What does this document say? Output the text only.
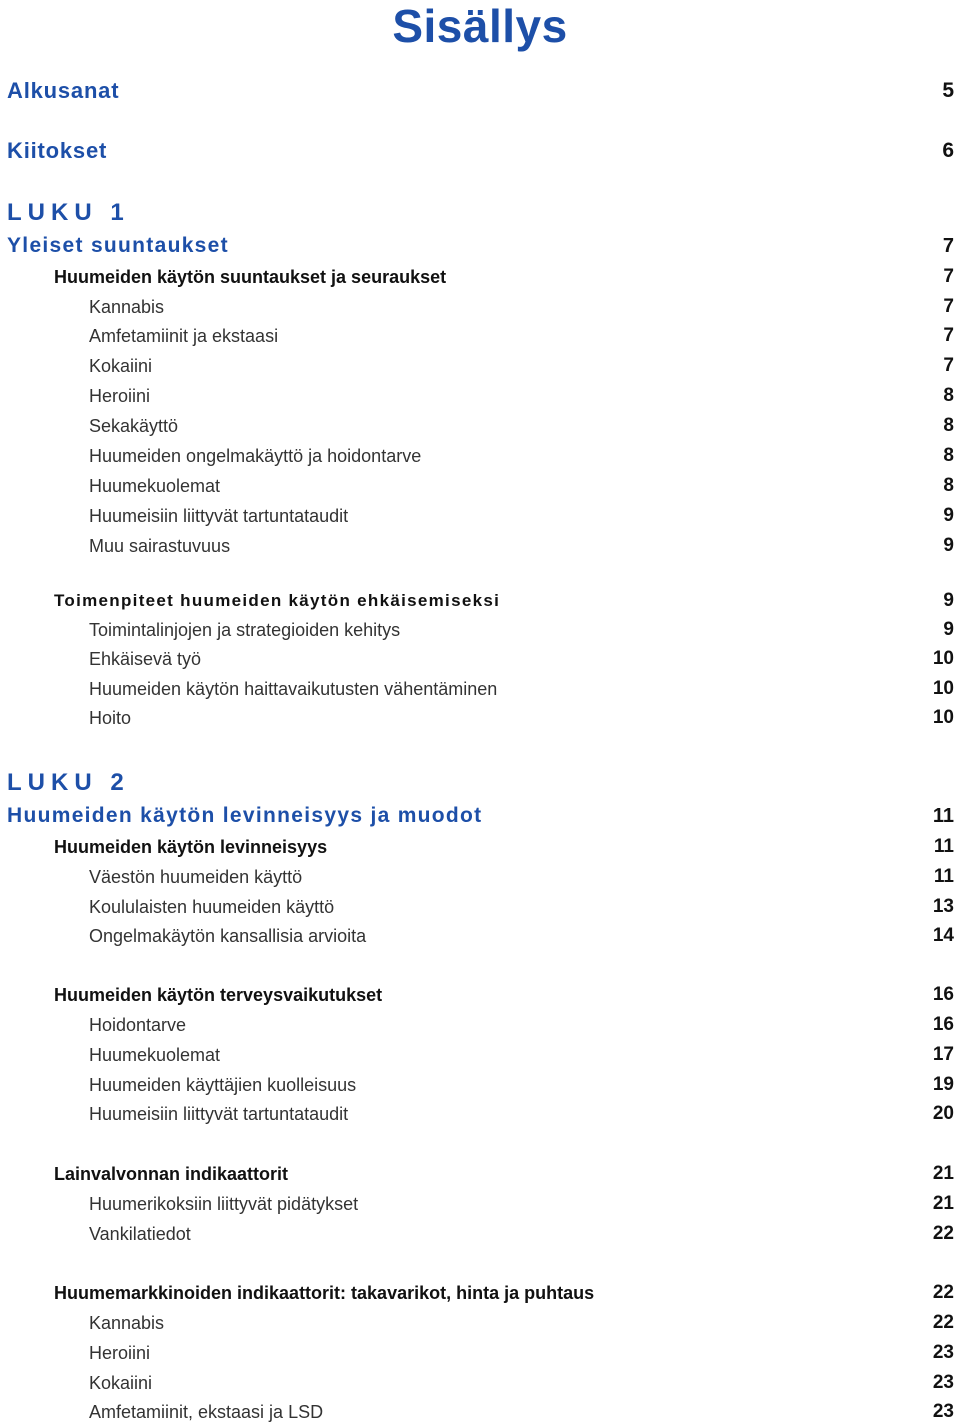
Sisällys
Alkusanat	5
Kiitokset	6
LUKU 1
Yleiset suuntaukset	7
Huumeiden käytön suuntaukset ja seuraukset	7
Kannabis	7
Amfetamiinit ja ekstaasi	7
Kokaiini	7
Heroiini	8
Sekakäyttö	8
Huumeiden ongelmakäyttö ja hoidontarve	8
Huumekuolemat	8
Huumeisiin liittyvät tartuntataudit	9
Muu sairastuvuus	9
Toimenpiteet huumeiden käytön ehkäisemiseksi	9
Toimintalinjojen ja strategioiden kehitys	9
Ehkäisevä työ	10
Huumeiden käytön haittavaikutusten vähentäminen	10
Hoito	10
LUKU 2
Huumeiden käytön levinneisyys ja muodot	11
Huumeiden käytön levinneisyys	11
Väestön huumeiden käyttö	11
Koululaisten huumeiden käyttö	13
Ongelmakäytön kansallisia arvioita	14
Huumeiden käytön terveysvaikutukset	16
Hoidontarve	16
Huumekuolemat	17
Huumeiden käyttäjien kuolleisuus	19
Huumeisiin liittyvät tartuntataudit	20
Lainvalvonnan indikaattorit	21
Huumerikoksiin liittyvät pidätykset	21
Vankilatiedot	22
Huumemarkkinoiden indikaattorit: takavarikot, hinta ja puhtaus	22
Kannabis	22
Heroiini	23
Kokaiini	23
Amfetamiinit, ekstaasi ja LSD	23
